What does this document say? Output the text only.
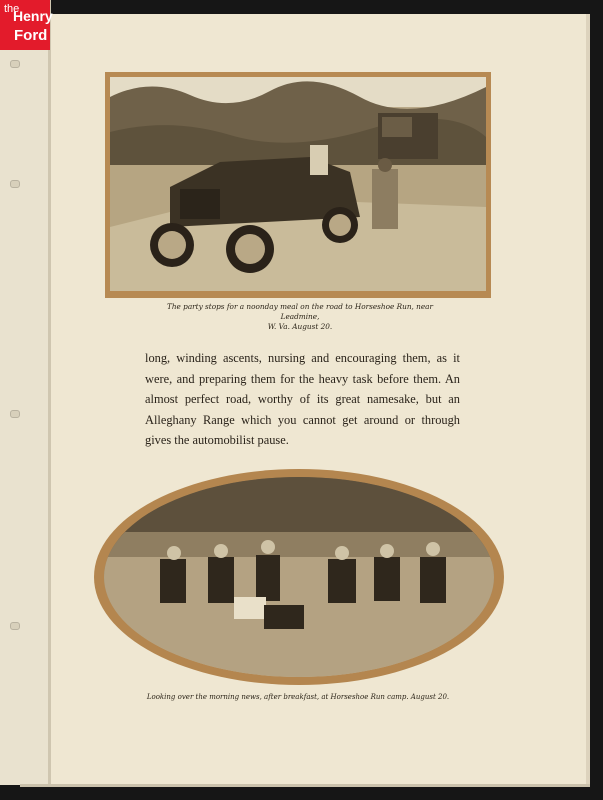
the
Henry
Ford
The party stops for a noonday meal on the road to Horseshoe Run, near Leadmine,
W. Va. August 20.
long, winding ascents, nursing and encouraging them, as it were, and preparing them for the heavy task before them. An almost perfect road, worthy of its great namesake, but an Alleghany Range which you cannot get around or through gives the automobilist pause.
Looking over the morning news, after breakfast, at Horseshoe Run camp. August 20.
